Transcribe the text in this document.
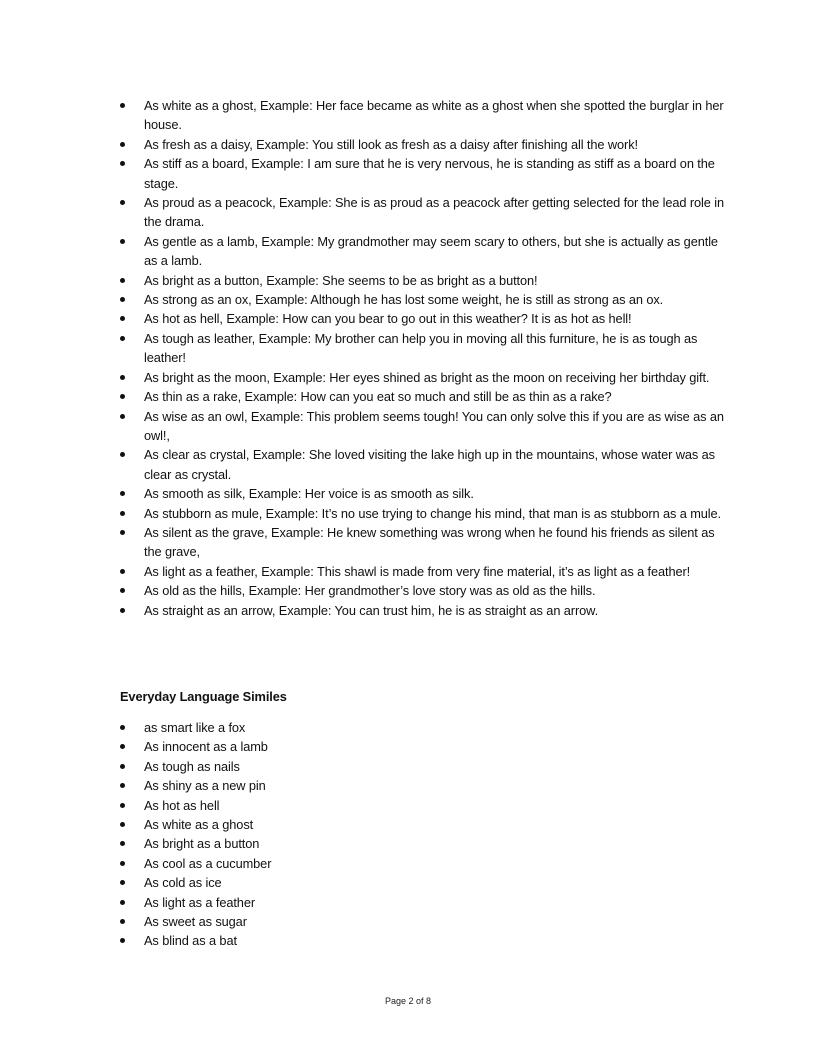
As white as a ghost, Example: Her face became as white as a ghost when she spotted the burglar in her house.
As fresh as a daisy, Example: You still look as fresh as a daisy after finishing all the work!
As stiff as a board, Example: I am sure that he is very nervous, he is standing as stiff as a board on the stage.
As proud as a peacock, Example: She is as proud as a peacock after getting selected for the lead role in the drama.
As gentle as a lamb, Example: My grandmother may seem scary to others, but she is actually as gentle as a lamb.
As bright as a button, Example: She seems to be as bright as a button!
As strong as an ox, Example: Although he has lost some weight, he is still as strong as an ox.
As hot as hell, Example: How can you bear to go out in this weather? It is as hot as hell!
As tough as leather, Example: My brother can help you in moving all this furniture, he is as tough as leather!
As bright as the moon, Example: Her eyes shined as bright as the moon on receiving her birthday gift.
As thin as a rake, Example: How can you eat so much and still be as thin as a rake?
As wise as an owl, Example: This problem seems tough! You can only solve this if you are as wise as an owl!,
As clear as crystal, Example: She loved visiting the lake high up in the mountains, whose water was as clear as crystal.
As smooth as silk, Example: Her voice is as smooth as silk.
As stubborn as mule, Example: It’s no use trying to change his mind, that man is as stubborn as a mule.
As silent as the grave, Example: He knew something was wrong when he found his friends as silent as the grave,
As light as a feather, Example: This shawl is made from very fine material, it’s as light as a feather!
As old as the hills, Example: Her grandmother’s love story was as old as the hills.
As straight as an arrow, Example: You can trust him, he is as straight as an arrow.
Everyday Language Similes
as smart like a fox
As innocent as a lamb
As tough as nails
As shiny as a new pin
As hot as hell
As white as a ghost
As bright as a button
As cool as a cucumber
As cold as ice
As light as a feather
As sweet as sugar
As blind as a bat
Page 2 of 8
